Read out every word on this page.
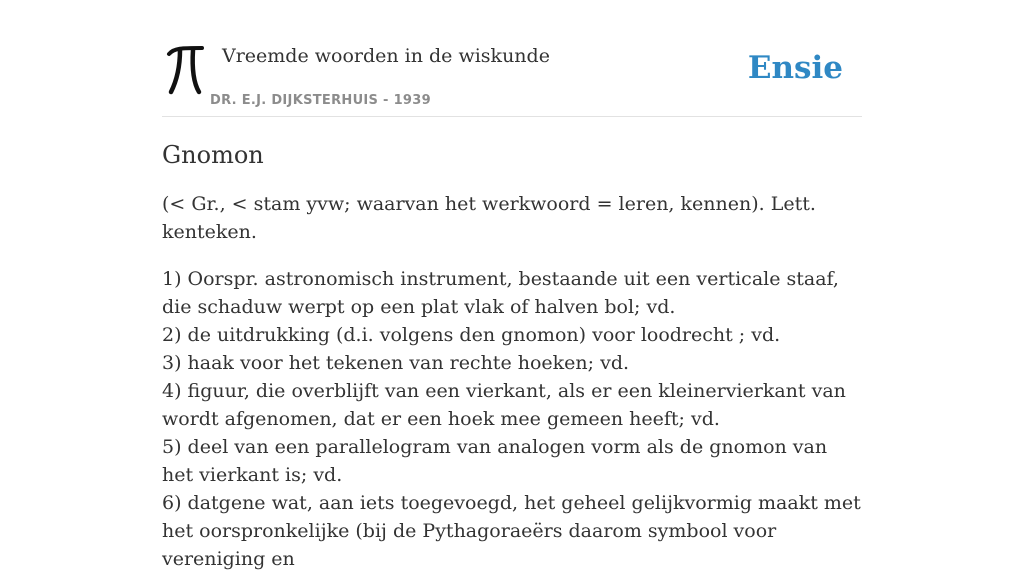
Vreemde woorden in de wiskunde
DR. E.J. DIJKSTERHUIS - 1939
Ensie
Gnomon

(< Gr., < stam yvw; waarvan het werkwoord = leren, kennen). Lett. kenteken.

1) Oorspr. astronomisch instrument, bestaande uit een verticale staaf, die schaduw werpt op een plat vlak of halven bol; vd.
2) de uitdrukking (d.i. volgens den gnomon) voor loodrecht ; vd.
3) haak voor het tekenen van rechte hoeken; vd.
4) figuur, die overblijft van een vierkant, als er een kleinervierkant van wordt afgenomen, dat er een hoek mee gemeen heeft; vd.
5) deel van een parallelogram van analogen vorm als de gnomon van het vierkant is; vd.
6) datgene wat, aan iets toegevoegd, het geheel gelijkvormig maakt met het oorspronkelijke (bij de Pythagoraeërs daarom symbool voor vereniging en
